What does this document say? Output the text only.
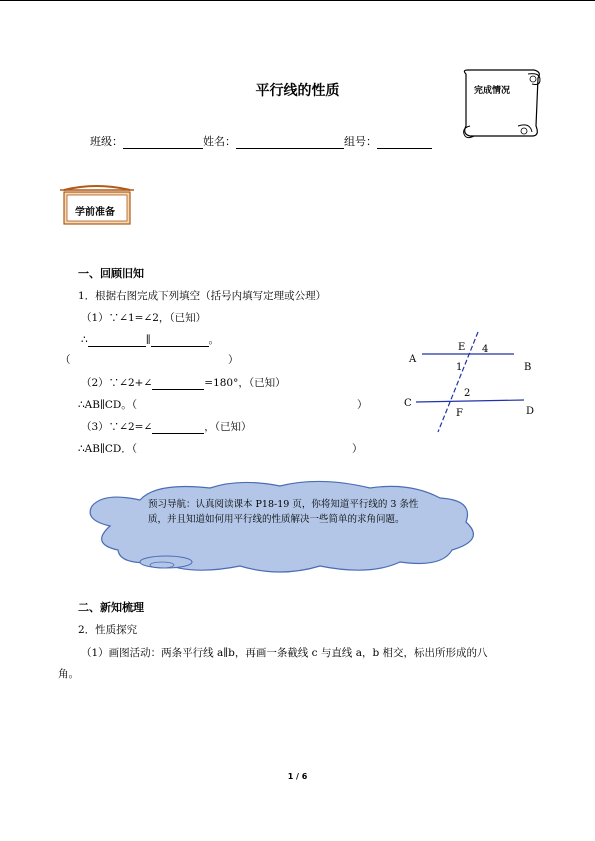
平行线的性质	完成情况
班级：	姓名：	组号：
学前准备
一、回顾旧知
1．根据右图完成下列填空（括号内填写定理或公理）
（1）∵∠1=∠2，（已知）
∴	∥	。
（	）
（2）∵∠2+∠	=180°，（已知）
∴AB∥CD。（	）
（3）∵∠2=∠	，（已知）
∴AB∥CD．（	）
A
B
C
D
E
F
1
2
4
预习导航：认真阅读课本 P18-19 页，你将知道平行线的 3 条性质，并且知道如何用平行线的性质解决一些简单的求角问题。
二、新知梳理
2．性质探究
（1）画图活动：两条平行线 a∥b，再画一条截线 c 与直线 a，b 相交，标出所形成的八
角。
1 / 6
